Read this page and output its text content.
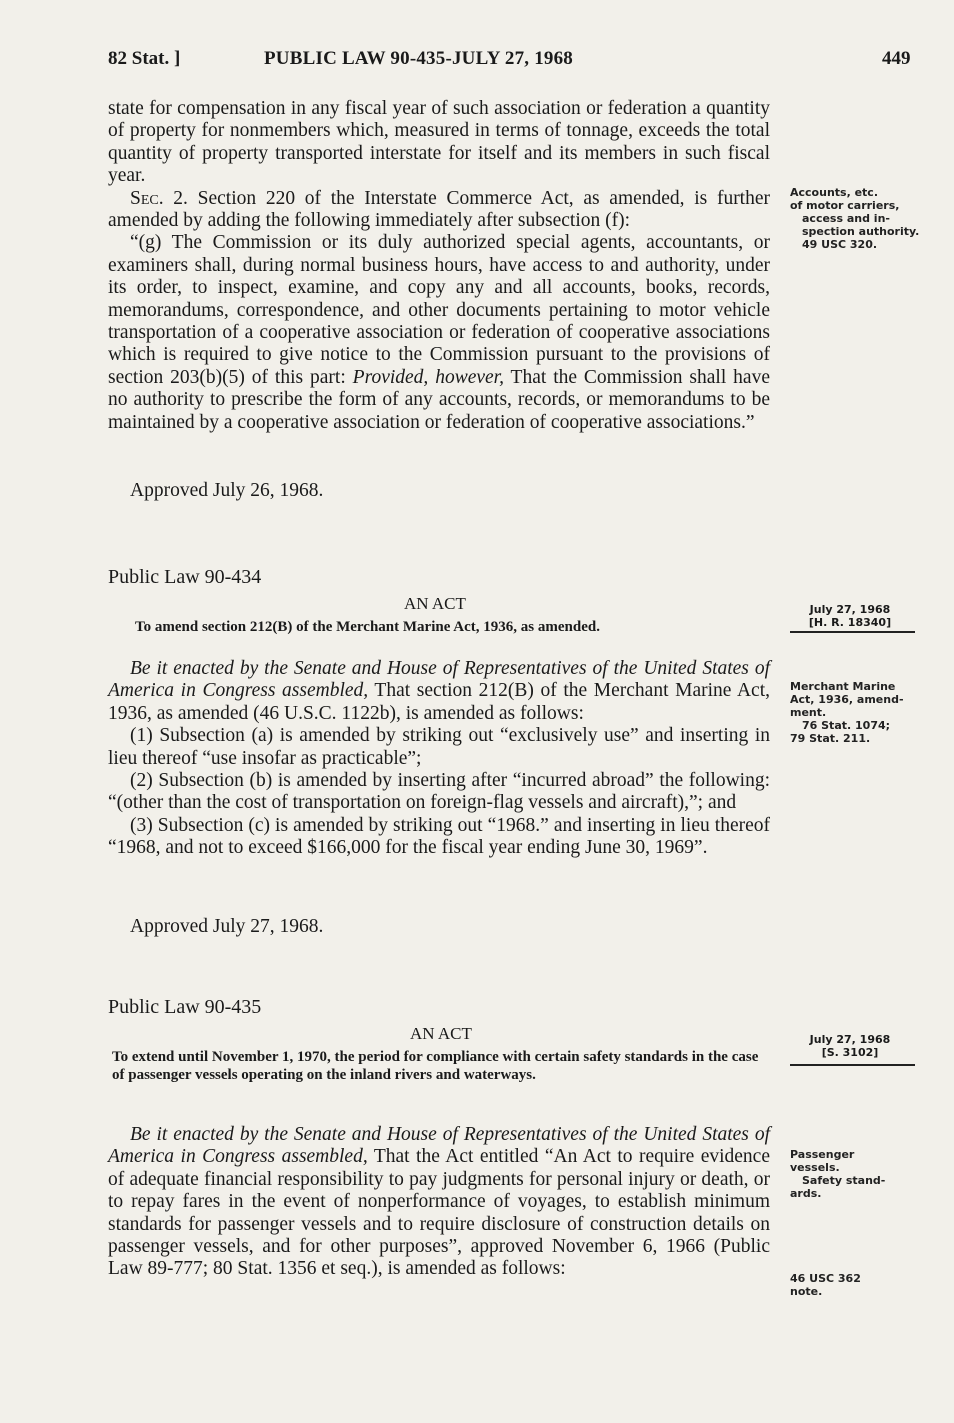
82 Stat. ]	PUBLIC LAW 90-435-JULY 27, 1968	449

state for compensation in any fiscal year of such association or federation a quantity of property for nonmembers which, measured in terms of tonnage, exceeds the total quantity of property transported interstate for itself and its members in such fiscal year.

Sec. 2. Section 220 of the Interstate Commerce Act, as amended, is further amended by adding the following immediately after subsection (f):

“(g) The Commission or its duly authorized special agents, accountants, or examiners shall, during normal business hours, have access to and authority, under its order, to inspect, examine, and copy any and all accounts, books, records, memorandums, correspondence, and other documents pertaining to motor vehicle transportation of a cooperative association or federation of cooperative associations which is required to give notice to the Commission pursuant to the provisions of section 203(b)(5) of this part: Provided, however, That the Commission shall have no authority to prescribe the form of any accounts, records, or memorandums to be maintained by a cooperative association or federation of cooperative associations.”

Approved July 26, 1968.
Accounts, etc.
of motor carriers,
access and in-
spection authority.
49 USC 320.
Public Law 90-434
AN ACT
To amend section 212(B) of the Merchant Marine Act, 1936, as amended.
July 27, 1968
[H. R. 18340]

Be it enacted by the Senate and House of Representatives of the United States of America in Congress assembled, That section 212(B) of the Merchant Marine Act, 1936, as amended (46 U.S.C. 1122b), is amended as follows:

(1) Subsection (a) is amended by striking out “exclusively use” and inserting in lieu thereof “use insofar as practicable”;

(2) Subsection (b) is amended by inserting after “incurred abroad” the following: “(other than the cost of transportation on foreign-flag vessels and aircraft),”; and

(3) Subsection (c) is amended by striking out “1968.” and inserting in lieu thereof “1968, and not to exceed $166,000 for the fiscal year ending June 30, 1969”.

Approved July 27, 1968.
Merchant Marine
Act, 1936, amend-
ment.
76 Stat. 1074;
79 Stat. 211.
Public Law 90-435
AN ACT
To extend until November 1, 1970, the period for compliance with certain safety standards in the case of passenger vessels operating on the inland rivers and waterways.
July 27, 1968
[S. 3102]

Be it enacted by the Senate and House of Representatives of the United States of America in Congress assembled, That the Act entitled “An Act to require evidence of adequate financial responsibility to pay judgments for personal injury or death, or to repay fares in the event of nonperformance of voyages, to establish minimum standards for passenger vessels and to require disclosure of construction details on passenger vessels, and for other purposes”, approved November 6, 1966 (Public Law 89-777; 80 Stat. 1356 et seq.), is amended as follows:

Passenger
vessels.
Safety stand-
ards.
46 USC 362
note.
